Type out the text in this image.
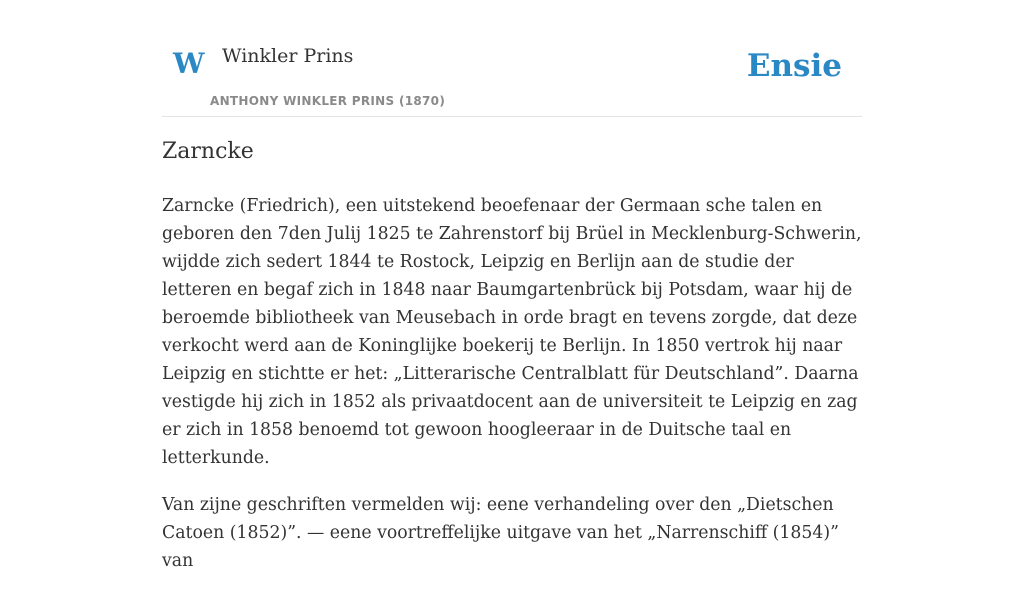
W Winkler Prins
ANTHONY WINKLER PRINS (1870)
Ensie
Zarncke

Zarncke (Friedrich), een uitstekend beoefenaar der Germaan sche talen en geboren den 7den Julij 1825 te Zahrenstorf bij Brüel in Mecklenburg-Schwerin, wijdde zich sedert 1844 te Rostock, Leipzig en Berlijn aan de studie der letteren en begaf zich in 1848 naar Baumgartenbrück bij Potsdam, waar hij de beroemde bibliotheek van Meusebach in orde bragt en tevens zorgde, dat deze verkocht werd aan de Koninglijke boekerij te Berlijn. In 1850 vertrok hij naar Leipzig en stichtte er het: „Litterarische Centralblatt für Deutschland”. Daarna vestigde hij zich in 1852 als privaatdocent aan de universiteit te Leipzig en zag er zich in 1858 benoemd tot gewoon hoogleeraar in de Duitsche taal en letterkunde.

Van zijne geschriften vermelden wij: eene verhandeling over den „Dietschen Catoen (1852)”. — eene voortreffelijke uitgave van het „Narrenschiff (1854)” van
